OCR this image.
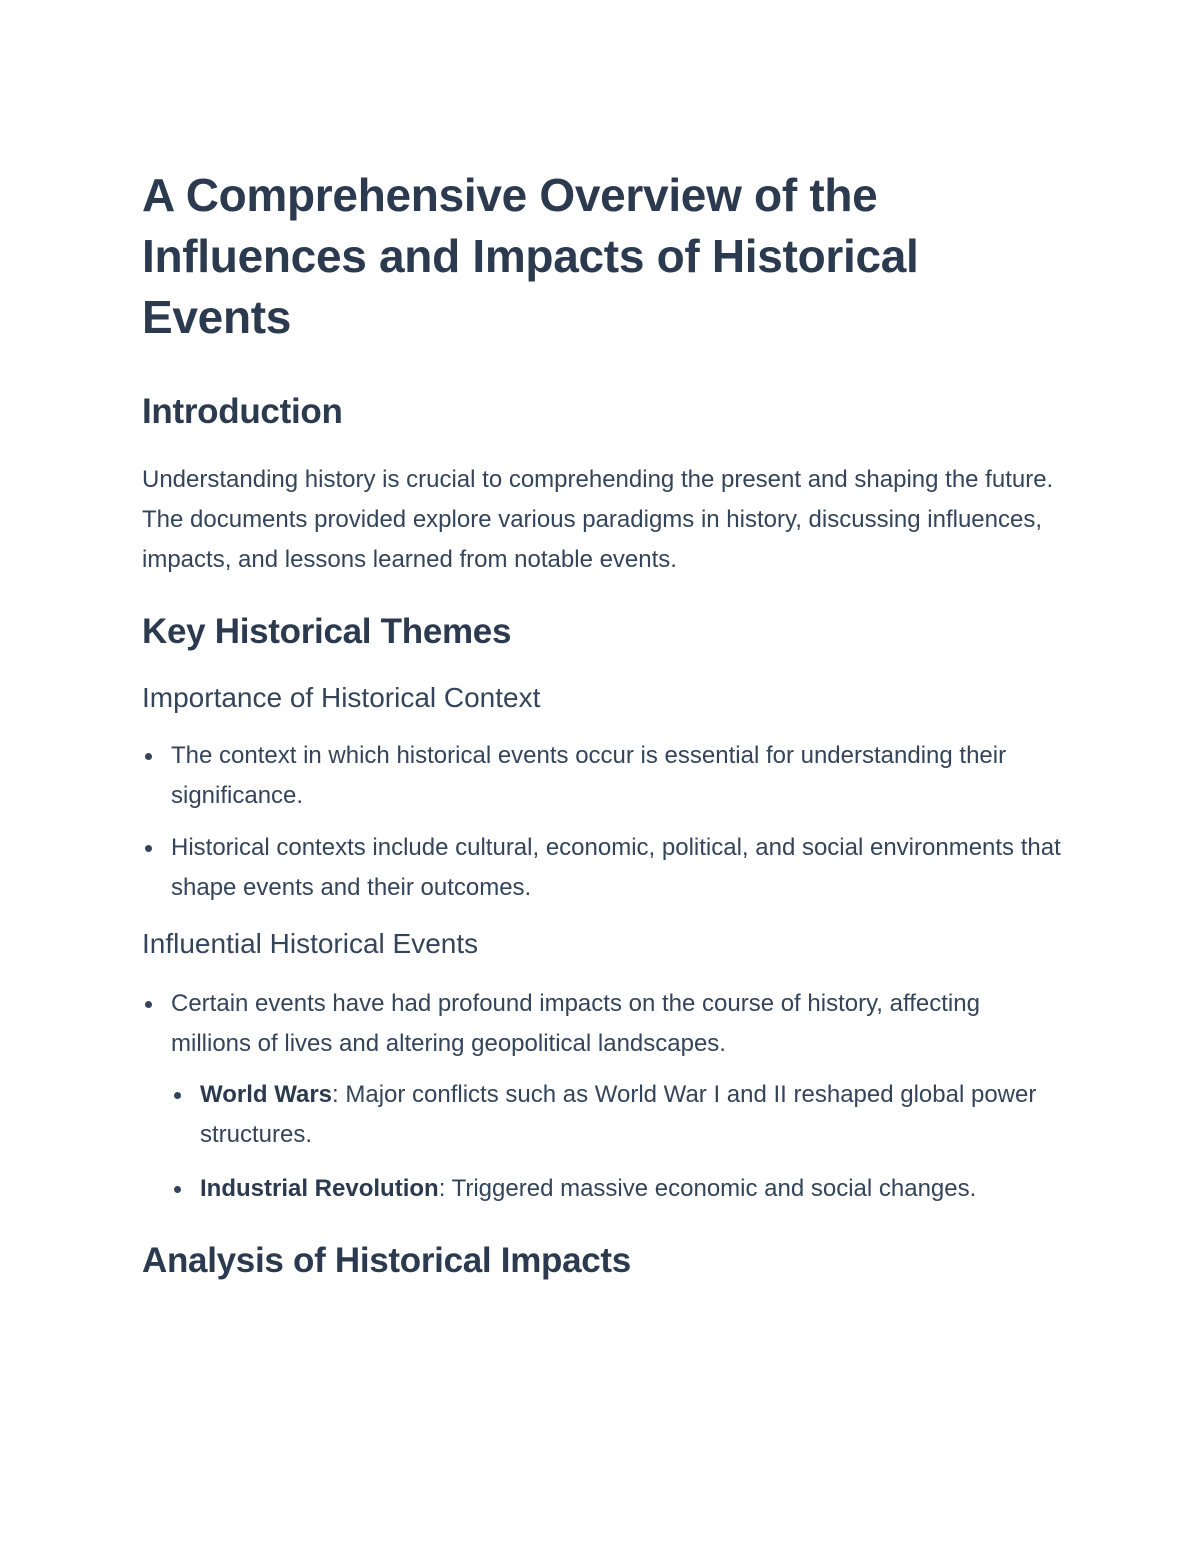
A Comprehensive Overview of the Influences and Impacts of Historical Events
Introduction

Understanding history is crucial to comprehending the present and shaping the future. The documents provided explore various paradigms in history, discussing influences, impacts, and lessons learned from notable events.

Key Historical Themes
Importance of Historical Context
The context in which historical events occur is essential for understanding their significance.
Historical contexts include cultural, economic, political, and social environments that shape events and their outcomes.
Influential Historical Events
Certain events have had profound impacts on the course of history, affecting millions of lives and altering geopolitical landscapes.
World Wars: Major conflicts such as World War I and II reshaped global power structures.
Industrial Revolution: Triggered massive economic and social changes.
Analysis of Historical Impacts
